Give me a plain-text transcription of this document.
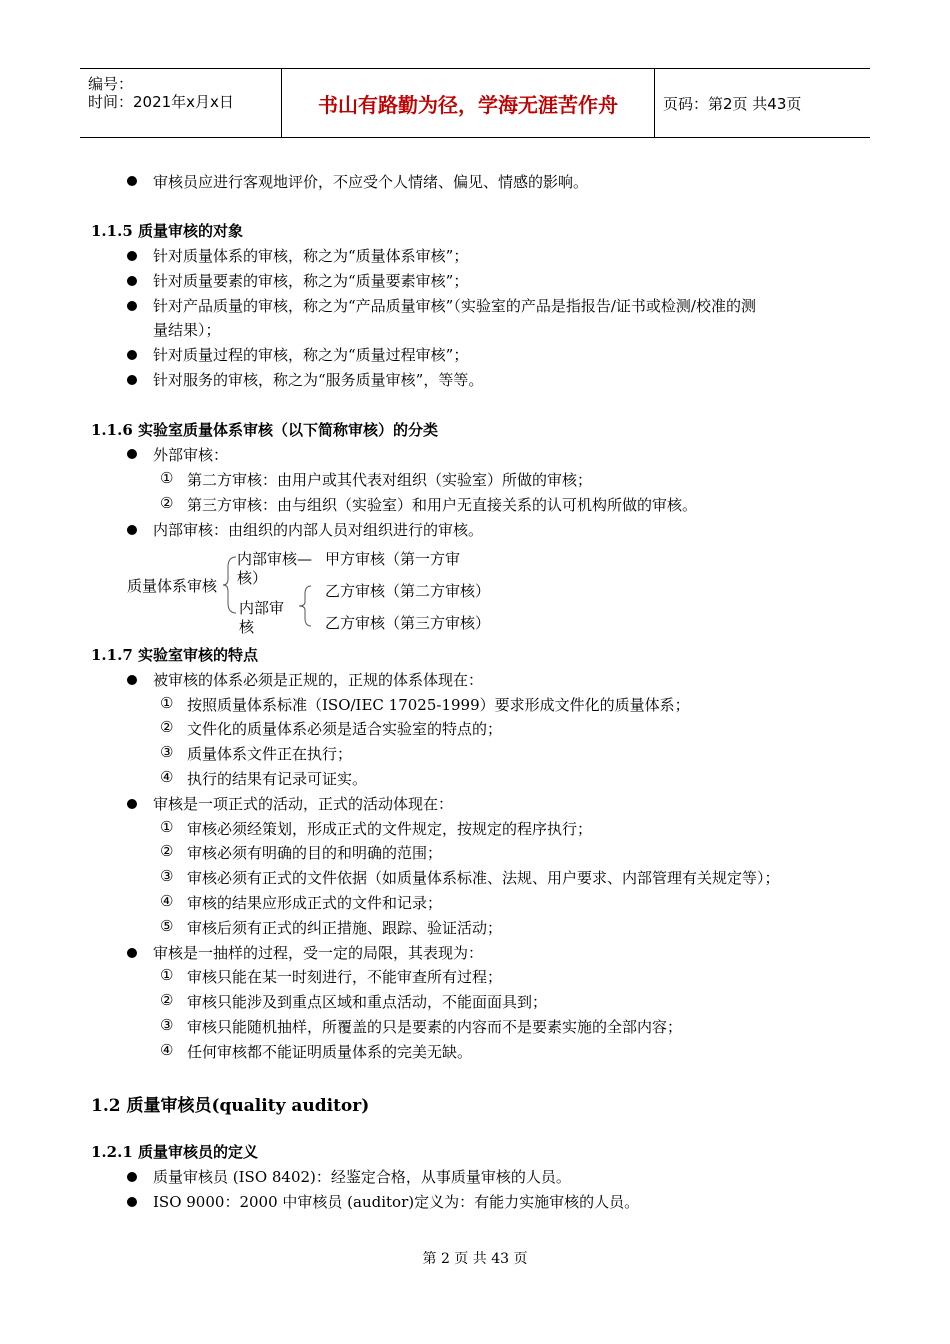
编号：
时间：2021年x月x日	书山有路勤为径，学海无涯苦作舟	页码：第2页 共43页
审核员应进行客观地评价，不应受个人情绪、偏见、情感的影响。
1.1.5 质量审核的对象
针对质量体系的审核，称之为“质量体系审核”；
针对质量要素的审核，称之为“质量要素审核”；
针对产品质量的审核，称之为“产品质量审核”（实验室的产品是指报告/证书或检测/校准的测
量结果）；
针对质量过程的审核，称之为“质量过程审核”；
针对服务的审核，称之为“服务质量审核”，等等。
1.1.6 实验室质量体系审核（以下简称审核）的分类
外部审核：
① 第二方审核：由用户或其代表对组织（实验室）所做的审核；
② 第三方审核：由与组织（实验室）和用户无直接关系的认可机构所做的审核。
内部审核：由组织的内部人员对组织进行的审核。
质量体系审核
内部审核—
核）
甲方审核（第一方审
内部审
核
乙方审核（第二方审核）
乙方审核（第三方审核）
1.1.7 实验室审核的特点
被审核的体系必须是正规的，正规的体系体现在：
① 按照质量体系标准（ISO/IEC 17025-1999）要求形成文件化的质量体系；
② 文件化的质量体系必须是适合实验室的特点的；
③ 质量体系文件正在执行；
④ 执行的结果有记录可证实。
审核是一项正式的活动，正式的活动体现在：
① 审核必须经策划，形成正式的文件规定，按规定的程序执行；
② 审核必须有明确的目的和明确的范围；
③ 审核必须有正式的文件依据（如质量体系标准、法规、用户要求、内部管理有关规定等）；
④ 审核的结果应形成正式的文件和记录；
⑤ 审核后须有正式的纠正措施、跟踪、验证活动；
审核是一抽样的过程，受一定的局限，其表现为：
① 审核只能在某一时刻进行，不能审查所有过程；
② 审核只能涉及到重点区域和重点活动，不能面面具到；
③ 审核只能随机抽样，所覆盖的只是要素的内容而不是要素实施的全部内容；
④ 任何审核都不能证明质量体系的完美无缺。
1.2 质量审核员(quality auditor)
1.2.1 质量审核员的定义
质量审核员 (ISO 8402)：经鉴定合格，从事质量审核的人员。
ISO 9000：2000 中审核员 (auditor)定义为：有能力实施审核的人员。
第 2 页 共 43 页
